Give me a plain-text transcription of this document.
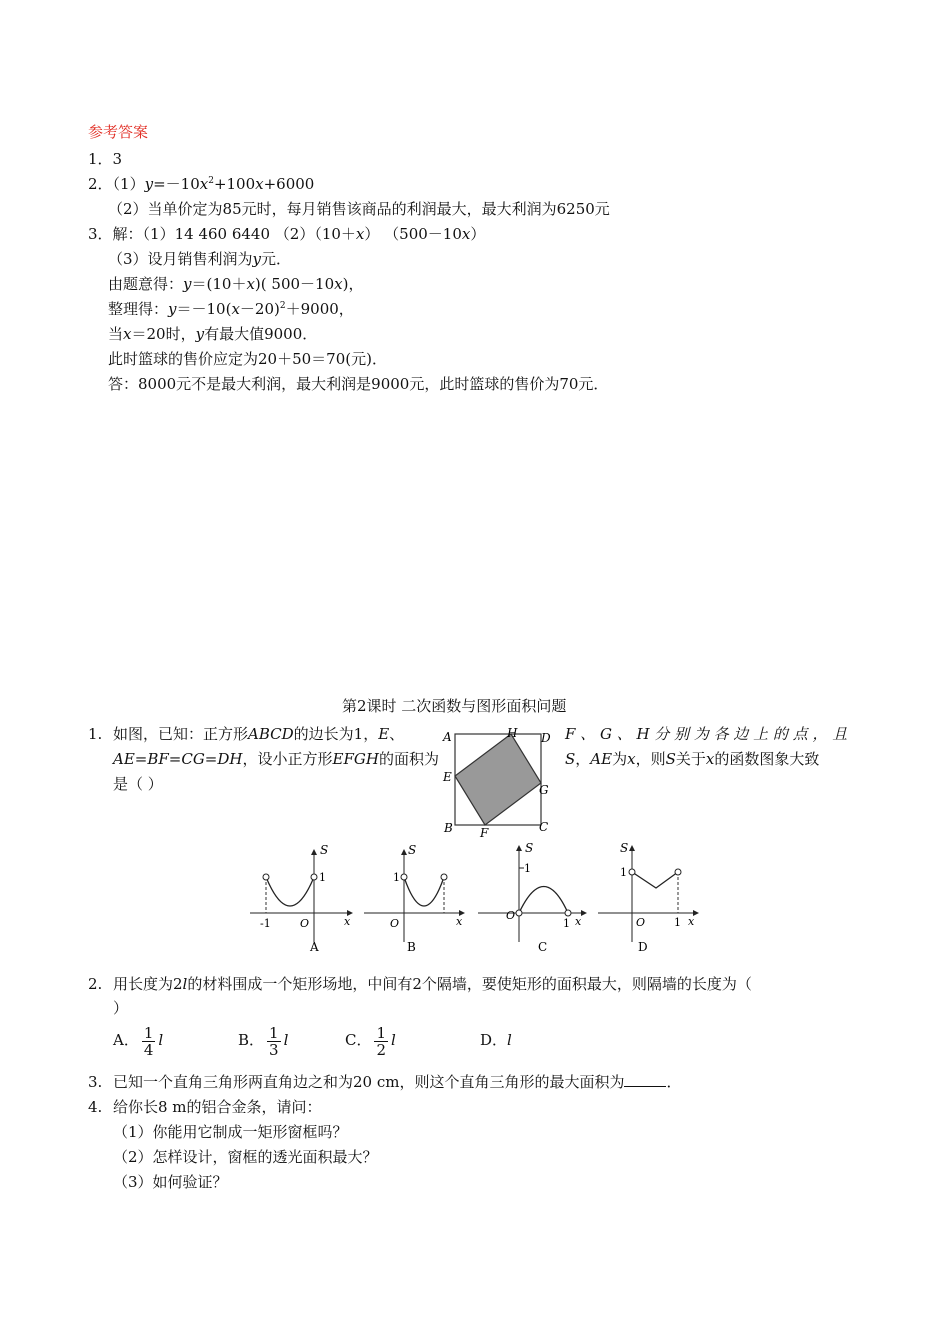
参考答案
1．3
2．$(1)y=-10x^2+100x+6000$
（2）当单价定为85元时，每月销售该商品的利润最大，最大利润为6250元
3．解：（1）14 460 6440 （2）（10＋x） （500－10x）
（3）设月销售利润为y元．
由题意得：y＝(10＋x)( 500－10x)，
整理得：$y=-10(x-20)^2+9000$，
当x＝20时，y有最大值9000．
此时篮球的售价应定为20＋50＝70(元)．
答：8000元不是最大利润，最大利润是9000元，此时篮球的售价为70元．
第2课时 二次函数与图形面积问题
1. 如图，已知：正方形ABCD的边长为1，E、	F 、 G 、 H 分 别 为 各 边 上 的 点 ， 且
AE=BF=CG=DH，设小正方形EFGH的面积为	S，AE为x，则S关于x的函数图象大致
是（ ）
A	H D
E
G
B F	C
S
1
-1	O	x
A
S
1
O	x
B
S
1
O
1 x
C
S
1
O	1 x
D
2. 用长度为2l的材料围成一个矩形场地，中间有2个隔墙，要使矩形的面积最大，则隔墙的长度为（
）
A． $\frac{1}{4}$ l	B． $\frac{1}{3}$ l	C． $\frac{1}{2}$ l	D．l
3. 已知一个直角三角形两直角边之和为20 cm，则这个直角三角形的最大面积为	．
4. 给你长8 m的铝合金条，请问：
（1）你能用它制成一矩形窗框吗？
（2）怎样设计，窗框的透光面积最大？
（3）如何验证？
